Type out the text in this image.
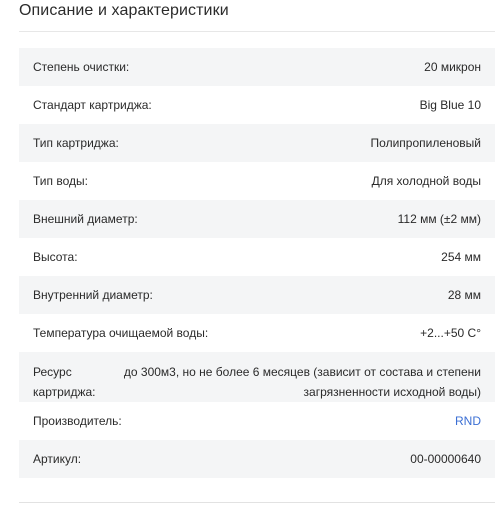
Описание и характеристики
Степень очистки:	20 микрон
Стандарт картриджа:	Big Blue 10
Тип картриджа:	Полипропиленовый
Тип воды:	Для холодной воды
Внешний диаметр:	112 мм (±2 мм)
Высота:	254 мм
Внутренний диаметр:	28 мм
Температура очищаемой воды:	+2...+50 С°
Ресурс картриджа:
до 300м3, но не более 6 месяцев (зависит от состава и степени загрязненности исходной воды)
Производитель:	RND
Артикул:	00-00000640
